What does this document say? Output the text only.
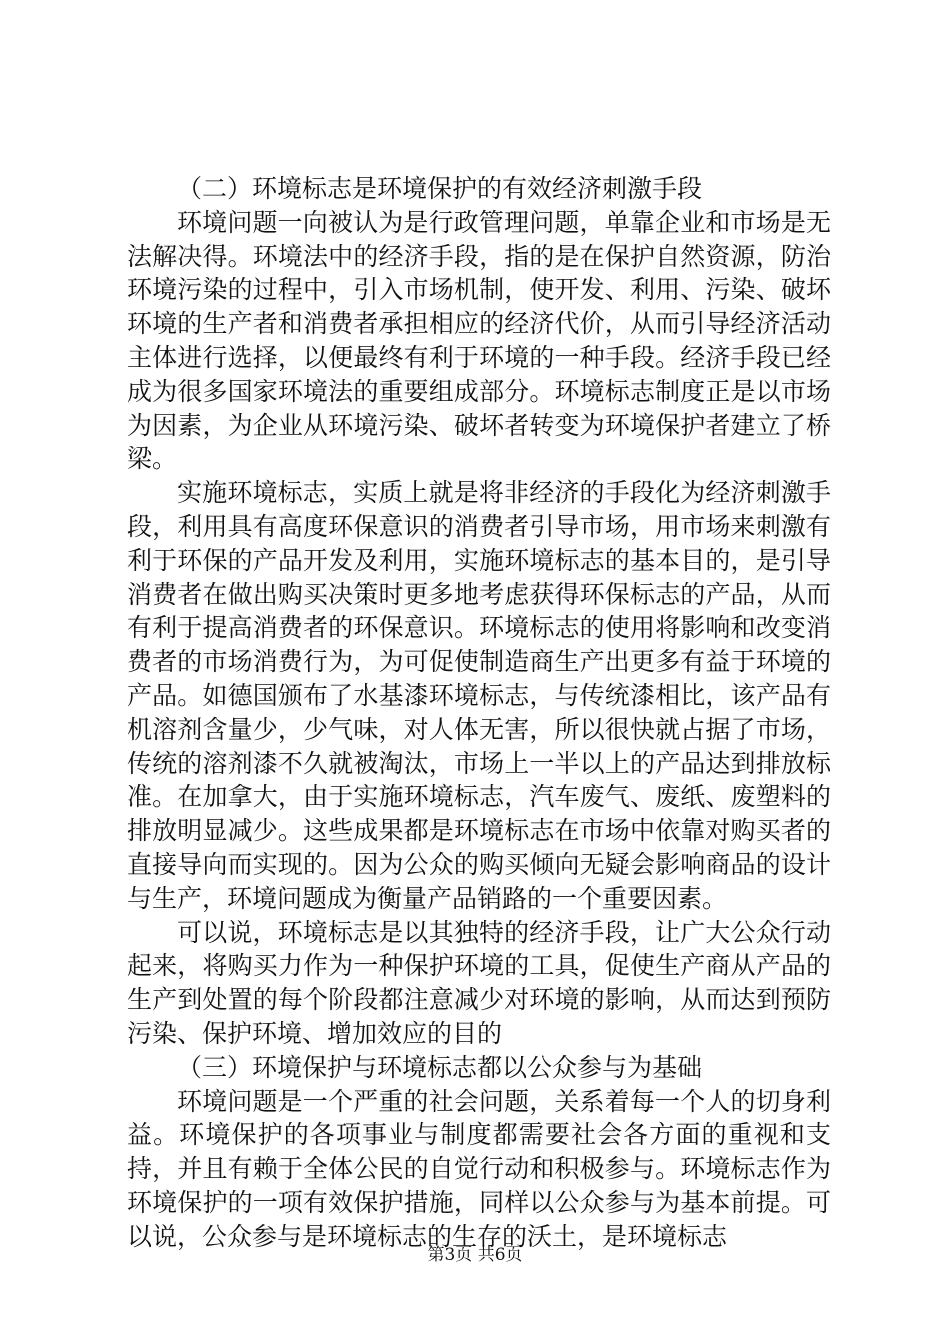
（二）环境标志是环境保护的有效经济刺激手段

环境问题一向被认为是行政管理问题，单靠企业和市场是无法解决得。环境法中的经济手段，指的是在保护自然资源，防治环境污染的过程中，引入市场机制，使开发、利用、污染、破坏环境的生产者和消费者承担相应的经济代价，从而引导经济活动主体进行选择，以便最终有利于环境的一种手段。经济手段已经成为很多国家环境法的重要组成部分。环境标志制度正是以市场为因素，为企业从环境污染、破坏者转变为环境保护者建立了桥梁。

实施环境标志，实质上就是将非经济的手段化为经济刺激手段，利用具有高度环保意识的消费者引导市场，用市场来刺激有利于环保的产品开发及利用，实施环境标志的基本目的，是引导消费者在做出购买决策时更多地考虑获得环保标志的产品，从而有利于提高消费者的环保意识。环境标志的使用将影响和改变消费者的市场消费行为，为可促使制造商生产出更多有益于环境的产品。如德国颁布了水基漆环境标志，与传统漆相比，该产品有机溶剂含量少，少气味，对人体无害，所以很快就占据了市场，传统的溶剂漆不久就被淘汰，市场上一半以上的产品达到排放标准。在加拿大，由于实施环境标志，汽车废气、废纸、废塑料的排放明显减少。这些成果都是环境标志在市场中依靠对购买者的直接导向而实现的。因为公众的购买倾向无疑会影响商品的设计与生产，环境问题成为衡量产品销路的一个重要因素。

可以说，环境标志是以其独特的经济手段，让广大公众行动起来，将购买力作为一种保护环境的工具，促使生产商从产品的生产到处置的每个阶段都注意减少对环境的影响，从而达到预防污染、保护环境、增加效应的目的

（三）环境保护与环境标志都以公众参与为基础

环境问题是一个严重的社会问题，关系着每一个人的切身利益。环境保护的各项事业与制度都需要社会各方面的重视和支持，并且有赖于全体公民的自觉行动和积极参与。环境标志作为环境保护的一项有效保护措施，同样以公众参与为基本前提。可以说，公众参与是环境标志的生存的沃土，是环境标志

第3页 共6页
